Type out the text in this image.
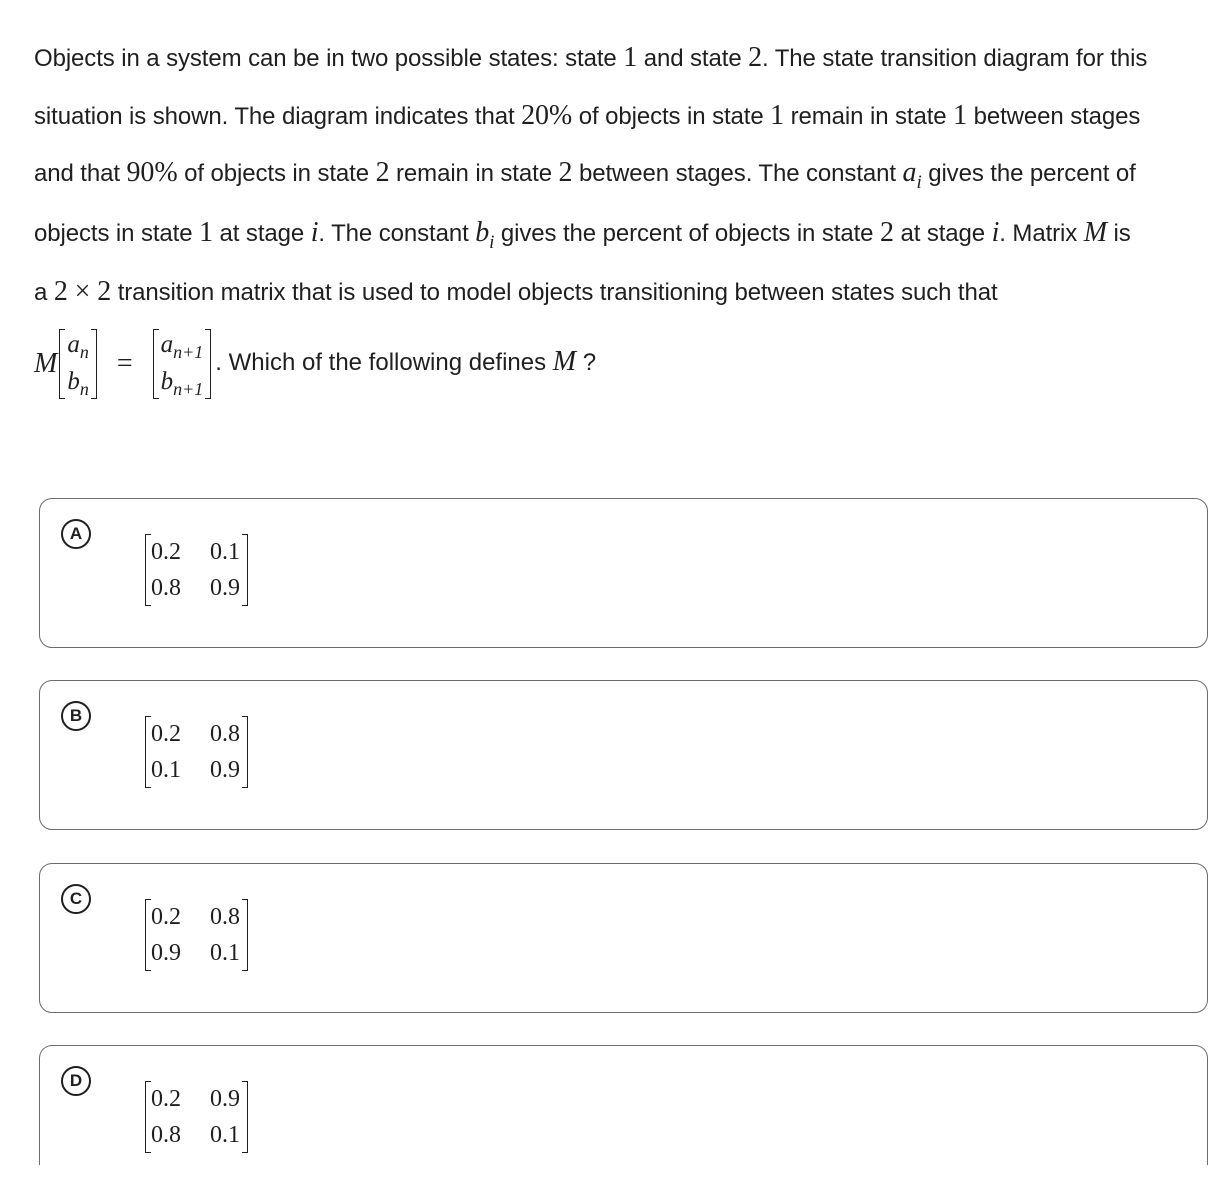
Objects in a system can be in two possible states: state 1 and state 2. The state transition diagram for this
situation is shown. The diagram indicates that 20% of objects in state 1 remain in state 1 between stages
and that 90% of objects in state 2 remain in state 2 between stages. The constant $a_i$ gives the percent of
objects in state 1 at stage i. The constant $b_i$ gives the percent of objects in state 2 at stage i. Matrix M is
a 2 × 2 transition matrix that is used to model objects transitioning between states such that
M
$a_n$
$b_n$
=
$a_{n+1}$
$b_{n+1}$
. Which of the following defines M ?
A
0.2 0.1
0.8 0.9
B
0.2 0.8
0.1 0.9
C
0.2 0.8
0.9 0.1
D
0.2 0.9
0.8 0.1
